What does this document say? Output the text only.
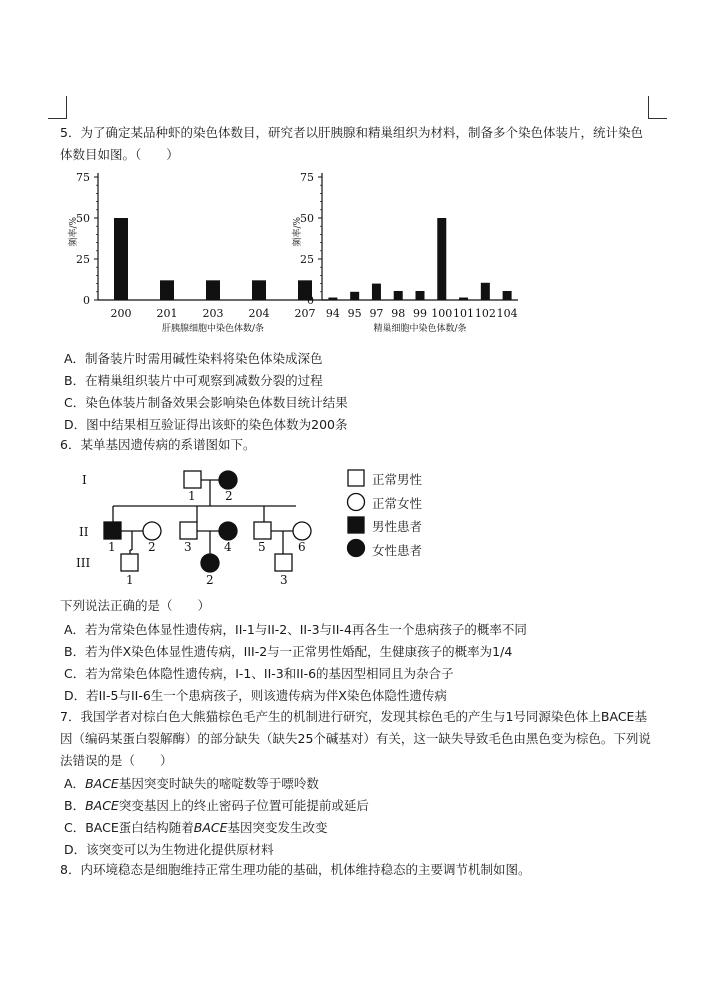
5．为了确定某品种虾的染色体数目，研究者以肝胰腺和精巢组织为材料，制备多个染色体装片，统计染色
体数目如图。（　　）
0
25
50
75
频率/%
200 201 203 204 207
肝胰腺细胞中染色体数/条
0
25
50
75
频率/%
94 95 97 98 99 100 101 102 104
精巢细胞中染色体数/条
A．制备装片时需用碱性染料将染色体染成深色
B．在精巢组织装片中可观察到减数分裂的过程
C．染色体装片制备效果会影响染色体数目统计结果
D．图中结果相互验证得出该虾的染色体数为200条
6．某单基因遗传病的系谱图如下。
I
II
III
1 2
1	2 3	4 5	6
1	2	3
正常男性
正常女性
男性患者
女性患者
下列说法正确的是（　　）
A．若为常染色体显性遗传病，II-1与II-2、II-3与II-4再各生一个患病孩子的概率不同
B．若为伴X染色体显性遗传病，III-2与一正常男性婚配，生健康孩子的概率为1/4
C．若为常染色体隐性遗传病，I-1、II-3和II-6的基因型相同且为杂合子
D．若II-5与II-6生一个患病孩子，则该遗传病为伴X染色体隐性遗传病
7．我国学者对棕白色大熊猫棕色毛产生的机制进行研究，发现其棕色毛的产生与1号同源染色体上BACE基因（编码某蛋白裂解酶）的部分缺失（缺失25个碱基对）有关，这一缺失导致毛色由黑色变为棕色。下列说法错误的是（　　）
A．BACE基因突变时缺失的嘧啶数等于嘌呤数
B．BACE突变基因上的终止密码子位置可能提前或延后
C．BACE蛋白结构随着BACE基因突变发生改变
D．该突变可以为生物进化提供原材料
8．内环境稳态是细胞维持正常生理功能的基础，机体维持稳态的主要调节机制如图。
